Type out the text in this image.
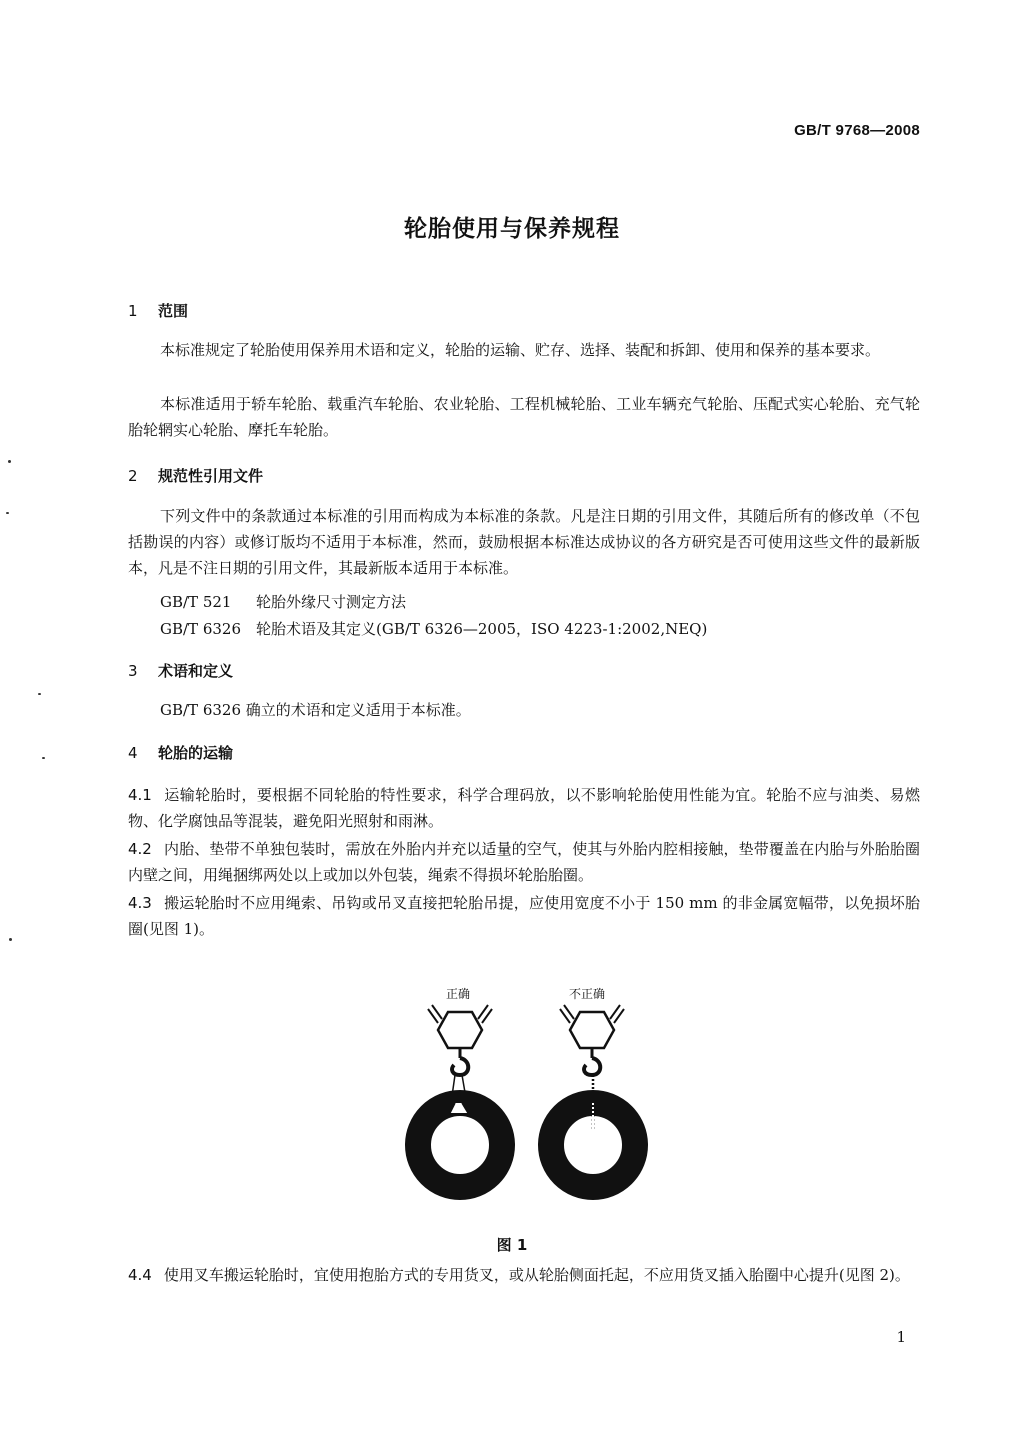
GB/T 9768—2008
轮胎使用与保养规程
1 范围
本标准规定了轮胎使用保养用术语和定义，轮胎的运输、贮存、选择、装配和拆卸、使用和保养的基本要求。
本标准适用于轿车轮胎、载重汽车轮胎、农业轮胎、工程机械轮胎、工业车辆充气轮胎、压配式实心轮胎、充气轮胎轮辋实心轮胎、摩托车轮胎。
2 规范性引用文件
下列文件中的条款通过本标准的引用而构成为本标准的条款。凡是注日期的引用文件，其随后所有的修改单（不包括勘误的内容）或修订版均不适用于本标准，然而，鼓励根据本标准达成协议的各方研究是否可使用这些文件的最新版本，凡是不注日期的引用文件，其最新版本适用于本标准。
GB/T 521 轮胎外缘尺寸测定方法
GB/T 6326 轮胎术语及其定义(GB/T 6326—2005，ISO 4223-1:2002,NEQ)
3 术语和定义
GB/T 6326 确立的术语和定义适用于本标准。
4 轮胎的运输
4.1 运输轮胎时，要根据不同轮胎的特性要求，科学合理码放，以不影响轮胎使用性能为宜。轮胎不应与油类、易燃物、化学腐蚀品等混装，避免阳光照射和雨淋。
4.2 内胎、垫带不单独包装时，需放在外胎内并充以适量的空气，使其与外胎内腔相接触，垫带覆盖在内胎与外胎胎圈内壁之间，用绳捆绑两处以上或加以外包装，绳索不得损坏轮胎胎圈。
4.3 搬运轮胎时不应用绳索、吊钩或吊叉直接把轮胎吊提，应使用宽度不小于 150 mm 的非金属宽幅带，以免损坏胎圈(见图 1)。
正确	不正确
图 1
4.4 使用叉车搬运轮胎时，宜使用抱胎方式的专用货叉，或从轮胎侧面托起，不应用货叉插入胎圈中心提升(见图 2)。
1
